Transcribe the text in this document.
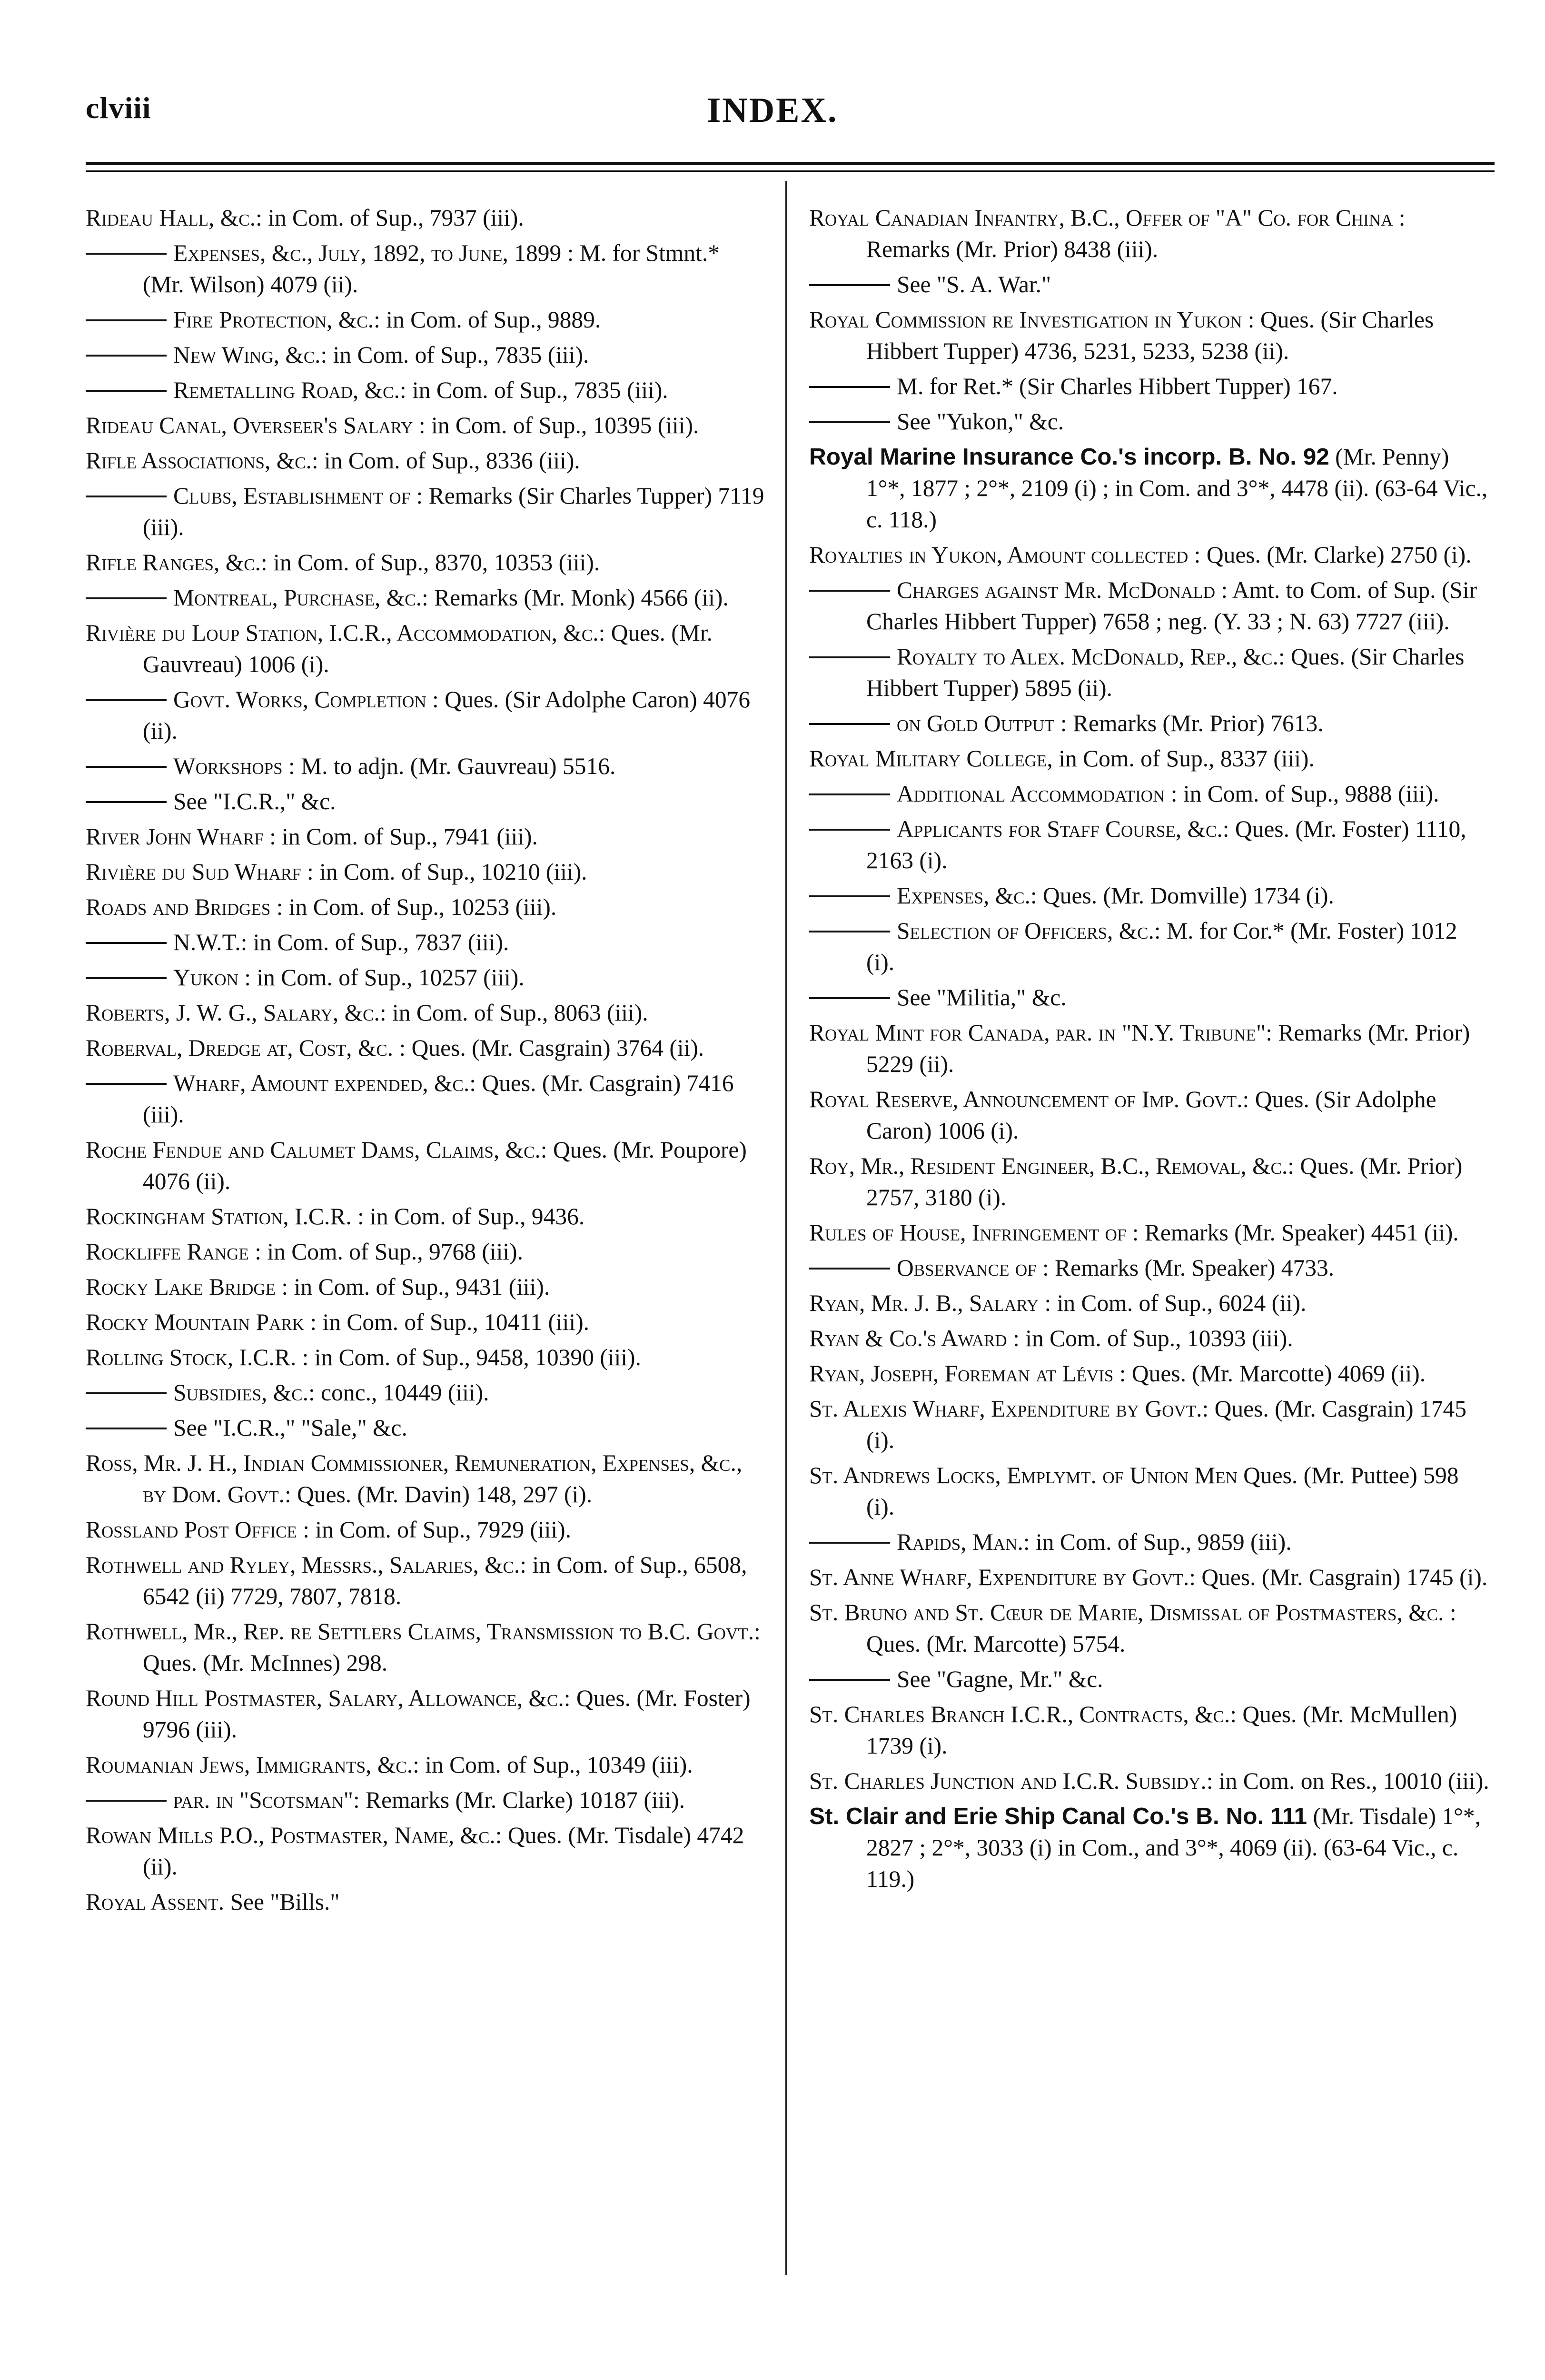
clviii	INDEX.
Rideau Hall, &c.: in Com. of Sup., 7937 (iii).
Expenses, &c., July, 1892, to June, 1899 : M. for Stmnt.* (Mr. Wilson) 4079 (ii).
Fire Protection, &c.: in Com. of Sup., 9889.
New Wing, &c.: in Com. of Sup., 7835 (iii).
Remetalling Road, &c.: in Com. of Sup., 7835 (iii).
Rideau Canal, Overseer's Salary : in Com. of Sup., 10395 (iii).
Rifle Associations, &c.: in Com. of Sup., 8336 (iii).
Clubs, Establishment of : Remarks (Sir Charles Tupper) 7119 (iii).
Rifle Ranges, &c.: in Com. of Sup., 8370, 10353 (iii).
Montreal, Purchase, &c.: Remarks (Mr. Monk) 4566 (ii).
Rivière du Loup Station, I.C.R., Accommodation, &c.: Ques. (Mr. Gauvreau) 1006 (i).
Govt. Works, Completion : Ques. (Sir Adolphe Caron) 4076 (ii).
Workshops : M. to adjn. (Mr. Gauvreau) 5516.
See "I.C.R.," &c.
River John Wharf : in Com. of Sup., 7941 (iii).
Rivière du Sud Wharf : in Com. of Sup., 10210 (iii).
Roads and Bridges : in Com. of Sup., 10253 (iii).
N.W.T.: in Com. of Sup., 7837 (iii).
Yukon : in Com. of Sup., 10257 (iii).
Roberts, J. W. G., Salary, &c.: in Com. of Sup., 8063 (iii).
Roberval, Dredge at, Cost, &c. : Ques. (Mr. Casgrain) 3764 (ii).
Wharf, Amount expended, &c.: Ques. (Mr. Casgrain) 7416 (iii).
Roche Fendue and Calumet Dams, Claims, &c.: Ques. (Mr. Poupore) 4076 (ii).
Rockingham Station, I.C.R. : in Com. of Sup., 9436.
Rockliffe Range : in Com. of Sup., 9768 (iii).
Rocky Lake Bridge : in Com. of Sup., 9431 (iii).
Rocky Mountain Park : in Com. of Sup., 10411 (iii).
Rolling Stock, I.C.R. : in Com. of Sup., 9458, 10390 (iii).
Subsidies, &c.: conc., 10449 (iii).
See "I.C.R.," "Sale," &c.
Ross, Mr. J. H., Indian Commissioner, Remuneration, Expenses, &c., by Dom. Govt.: Ques. (Mr. Davin) 148, 297 (i).
Rossland Post Office : in Com. of Sup., 7929 (iii).
Rothwell and Ryley, Messrs., Salaries, &c.: in Com. of Sup., 6508, 6542 (ii) 7729, 7807, 7818.
Rothwell, Mr., Rep. re Settlers Claims, Transmission to B.C. Govt.: Ques. (Mr. McInnes) 298.
Round Hill Postmaster, Salary, Allowance, &c.: Ques. (Mr. Foster) 9796 (iii).
Roumanian Jews, Immigrants, &c.: in Com. of Sup., 10349 (iii).
par. in "Scotsman": Remarks (Mr. Clarke) 10187 (iii).
Rowan Mills P.O., Postmaster, Name, &c.: Ques. (Mr. Tisdale) 4742 (ii).
Royal Assent. See "Bills."
Royal Canadian Infantry, B.C., Offer of "A" Co. for China : Remarks (Mr. Prior) 8438 (iii).
See "S. A. War."
Royal Commission re Investigation in Yukon : Ques. (Sir Charles Hibbert Tupper) 4736, 5231, 5233, 5238 (ii).
M. for Ret.* (Sir Charles Hibbert Tupper) 167.
See "Yukon," &c.
Royal Marine Insurance Co.'s incorp. B. No. 92 (Mr. Penny) 1°*, 1877 ; 2°*, 2109 (i) ; in Com. and 3°*, 4478 (ii). (63-64 Vic., c. 118.)
Royalties in Yukon, Amount collected : Ques. (Mr. Clarke) 2750 (i).
Charges against Mr. McDonald : Amt. to Com. of Sup. (Sir Charles Hibbert Tupper) 7658 ; neg. (Y. 33 ; N. 63) 7727 (iii).
Royalty to Alex. McDonald, Rep., &c.: Ques. (Sir Charles Hibbert Tupper) 5895 (ii).
on Gold Output : Remarks (Mr. Prior) 7613.
Royal Military College, in Com. of Sup., 8337 (iii).
Additional Accommodation : in Com. of Sup., 9888 (iii).
Applicants for Staff Course, &c.: Ques. (Mr. Foster) 1110, 2163 (i).
Expenses, &c.: Ques. (Mr. Domville) 1734 (i).
Selection of Officers, &c.: M. for Cor.* (Mr. Foster) 1012 (i).
See "Militia," &c.
Royal Mint for Canada, par. in "N.Y. Tribune": Remarks (Mr. Prior) 5229 (ii).
Royal Reserve, Announcement of Imp. Govt.: Ques. (Sir Adolphe Caron) 1006 (i).
Roy, Mr., Resident Engineer, B.C., Removal, &c.: Ques. (Mr. Prior) 2757, 3180 (i).
Rules of House, Infringement of : Remarks (Mr. Speaker) 4451 (ii).
Observance of : Remarks (Mr. Speaker) 4733.
Ryan, Mr. J. B., Salary : in Com. of Sup., 6024 (ii).
Ryan & Co.'s Award : in Com. of Sup., 10393 (iii).
Ryan, Joseph, Foreman at Lévis : Ques. (Mr. Marcotte) 4069 (ii).
St. Alexis Wharf, Expenditure by Govt.: Ques. (Mr. Casgrain) 1745 (i).
St. Andrews Locks, Emplymt. of Union Men Ques. (Mr. Puttee) 598 (i).
Rapids, Man.: in Com. of Sup., 9859 (iii).
St. Anne Wharf, Expenditure by Govt.: Ques. (Mr. Casgrain) 1745 (i).
St. Bruno and St. Cœur de Marie, Dismissal of Postmasters, &c. : Ques. (Mr. Marcotte) 5754.
See "Gagne, Mr." &c.
St. Charles Branch I.C.R., Contracts, &c.: Ques. (Mr. McMullen) 1739 (i).
St. Charles Junction and I.C.R. Subsidy.: in Com. on Res., 10010 (iii).
St. Clair and Erie Ship Canal Co.'s B. No. 111 (Mr. Tisdale) 1°*, 2827 ; 2°*, 3033 (i) in Com., and 3°*, 4069 (ii). (63-64 Vic., c. 119.)
